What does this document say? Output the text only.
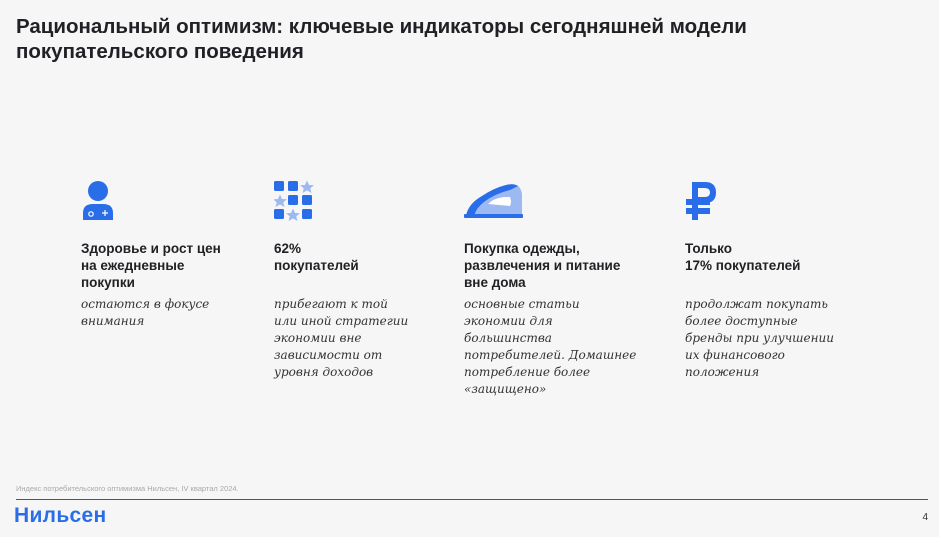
Рациональный оптимизм: ключевые индикаторы сегодняшней модели покупательского поведения
Здоровье и рост цен
на ежедневные
покупки
остаются в фокусе
внимания
62%
покупателей
прибегают к той
или иной стратегии
экономии вне
зависимости от
уровня доходов
Покупка одежды,
развлечения и питание
вне дома
основные статьи
экономии для большинства
потребителей. Домашнее
потребление более
«защищено»
Только
17% покупателей
продолжат покупать
более доступные
бренды при улучшении
их финансового
положения
Индекс потребительского оптимизма Нильсен, IV квартал 2024.
Нильсен	4
